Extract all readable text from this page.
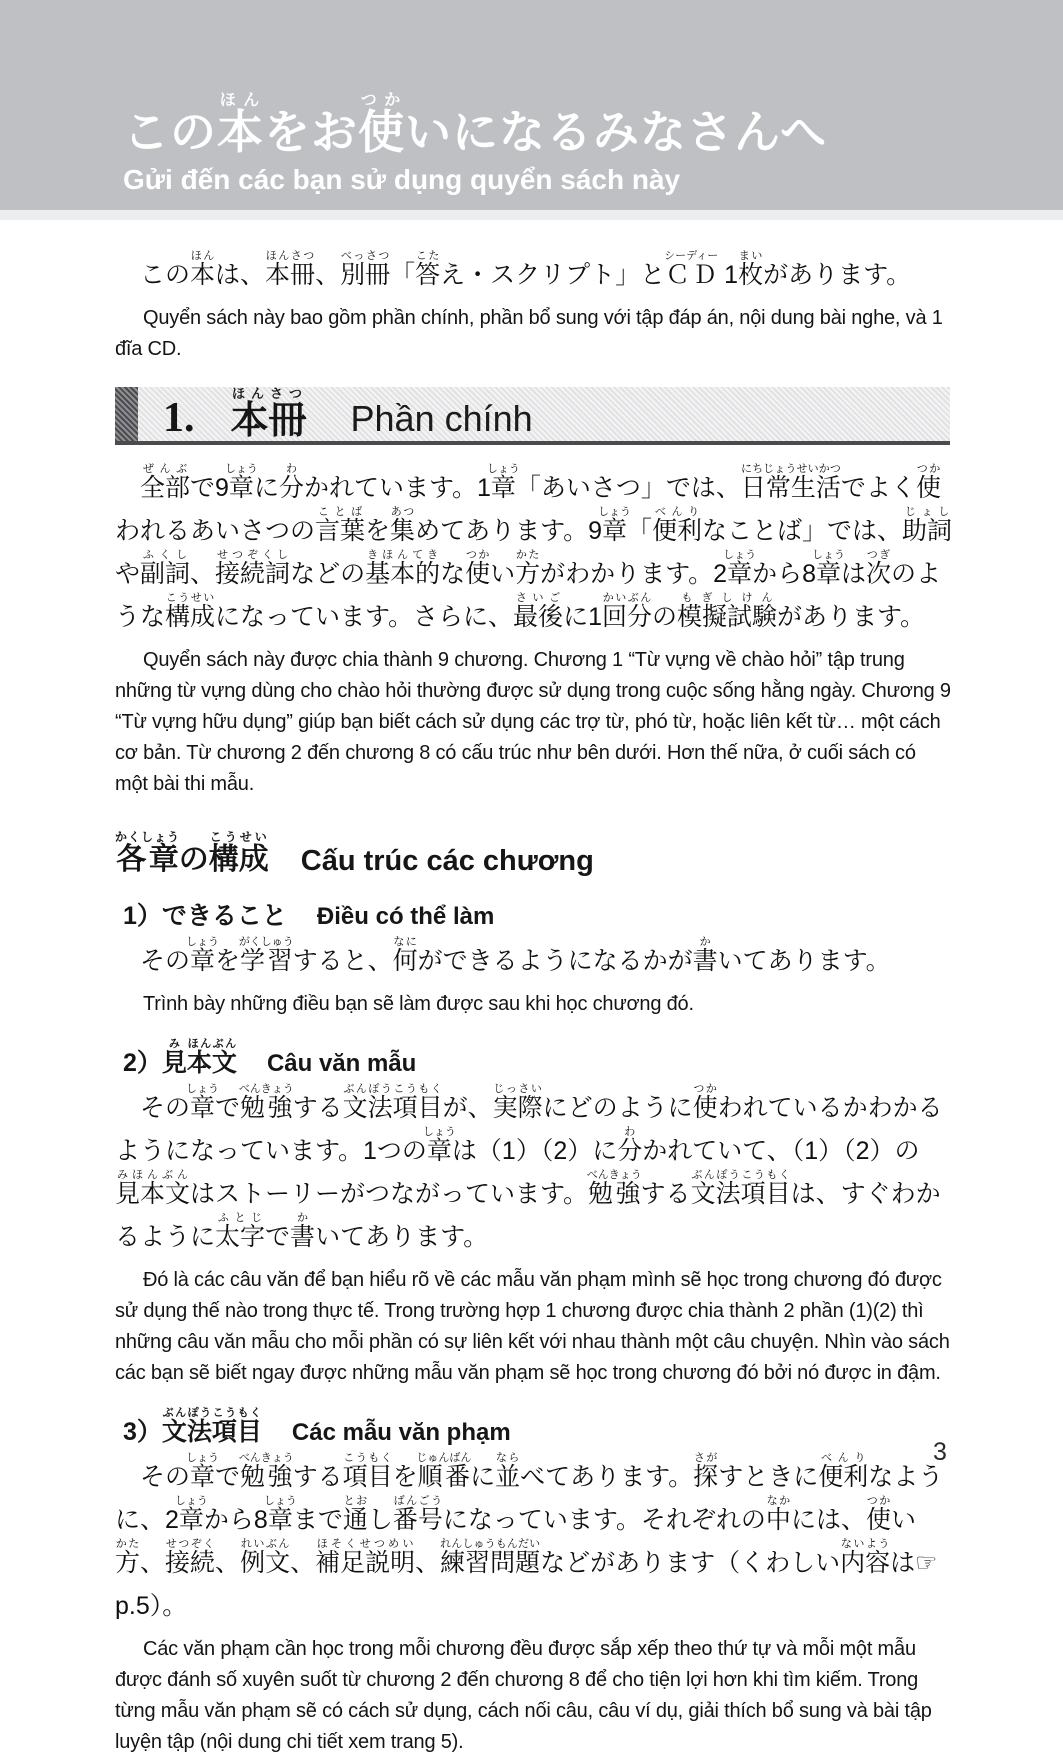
この本ほんをお使つかいになるみなさんへ
Gửi đến các bạn sử dụng quyển sách này

この本ほんは、本冊ほんさつ、別冊べっさつ「答こたえ・スクリプト」とＣＤシーディー 1枚まいがあります。

Quyển sách này bao gồm phần chính, phần bổ sung với tập đáp án, nội dung bài nghe, và 1 đĩa CD.

1. 本冊ほんさつ
Phần chính

全部ぜんぶで9章しょうに分わかれています。1章しょう「あいさつ」では、日常生活にちじょうせいかつでよく使つかわれるあいさつの言葉ことばを集あつめてあります。9章しょう「便利べんりなことば」では、助詞じょしや副詞ふくし、接続詞せつぞくしなどの基本的きほんてきな使つかい方かたがわかります。2章しょうから8章しょうは次つぎのような構成こうせいになっています。さらに、最後さいごに1回分かいぶんの模擬試験もぎしけんがあります。

Quyển sách này được chia thành 9 chương. Chương 1 “Từ vựng về chào hỏi” tập trung những từ vựng dùng cho chào hỏi thường được sử dụng trong cuộc sống hằng ngày. Chương 9 “Từ vựng hữu dụng” giúp bạn biết cách sử dụng các trợ từ, phó từ, hoặc liên kết từ… một cách cơ bản. Từ chương 2 đến chương 8 có cấu trúc như bên dưới. Hơn thế nữa, ở cuối sách có một bài thi mẫu.

各章かくしょうの構成こうせい
Cấu trúc các chương
1） できること Điều có thể làm

その章しょうを学習がくしゅうすると、何なにができるようになるかが書かいてあります。

Trình bày những điều bạn sẽ làm được sau khi học chương đó.

2） 見み本文ほんぶん
Câu văn mẫu

その章しょうで勉強べんきょうする文法項目ぶんぽうこうもくが、実際じっさいにどのように使つかわれているかわかるようになっています。1つの章しょうは（1）（2）に分わかれていて、（1）（2）の見本文みほんぶんはストーリーがつながっています。勉強べんきょうする文法項目ぶんぽうこうもくは、すぐわかるように太字ふとじで書かいてあります。

Đó là các câu văn để bạn hiểu rõ về các mẫu văn phạm mình sẽ học trong chương đó được sử dụng thế nào trong thực tế. Trong trường hợp 1 chương được chia thành 2 phần (1)(2) thì những câu văn mẫu cho mỗi phần có sự liên kết với nhau thành một câu chuyện. Nhìn vào sách các bạn sẽ biết ngay được những mẫu văn phạm sẽ học trong chương đó bởi nó được in đậm.

3） 文法項目ぶんぽうこうもく
Các mẫu văn phạm

その章しょうで勉強べんきょうする項目こうもくを順番じゅんばんに並ならべてあります。探さがすときに便利べんりなように、2章しょうから8章しょうまで通とおし番号ばんごうになっています。それぞれの中なかには、使つかい方かた、接続せつぞく、例文れいぶん、補足説明ほそくせつめい、練習問題れんしゅうもんだいなどがあります（くわしい内容ないようは☞p.5）。

Các văn phạm cần học trong mỗi chương đều được sắp xếp theo thứ tự và mỗi một mẫu được đánh số xuyên suốt từ chương 2 đến chương 8 để cho tiện lợi hơn khi tìm kiếm. Trong từng mẫu văn phạm sẽ có cách sử dụng, cách nối câu, câu ví dụ, giải thích bổ sung và bài tập luyện tập (nội dung chi tiết xem trang 5).

3
